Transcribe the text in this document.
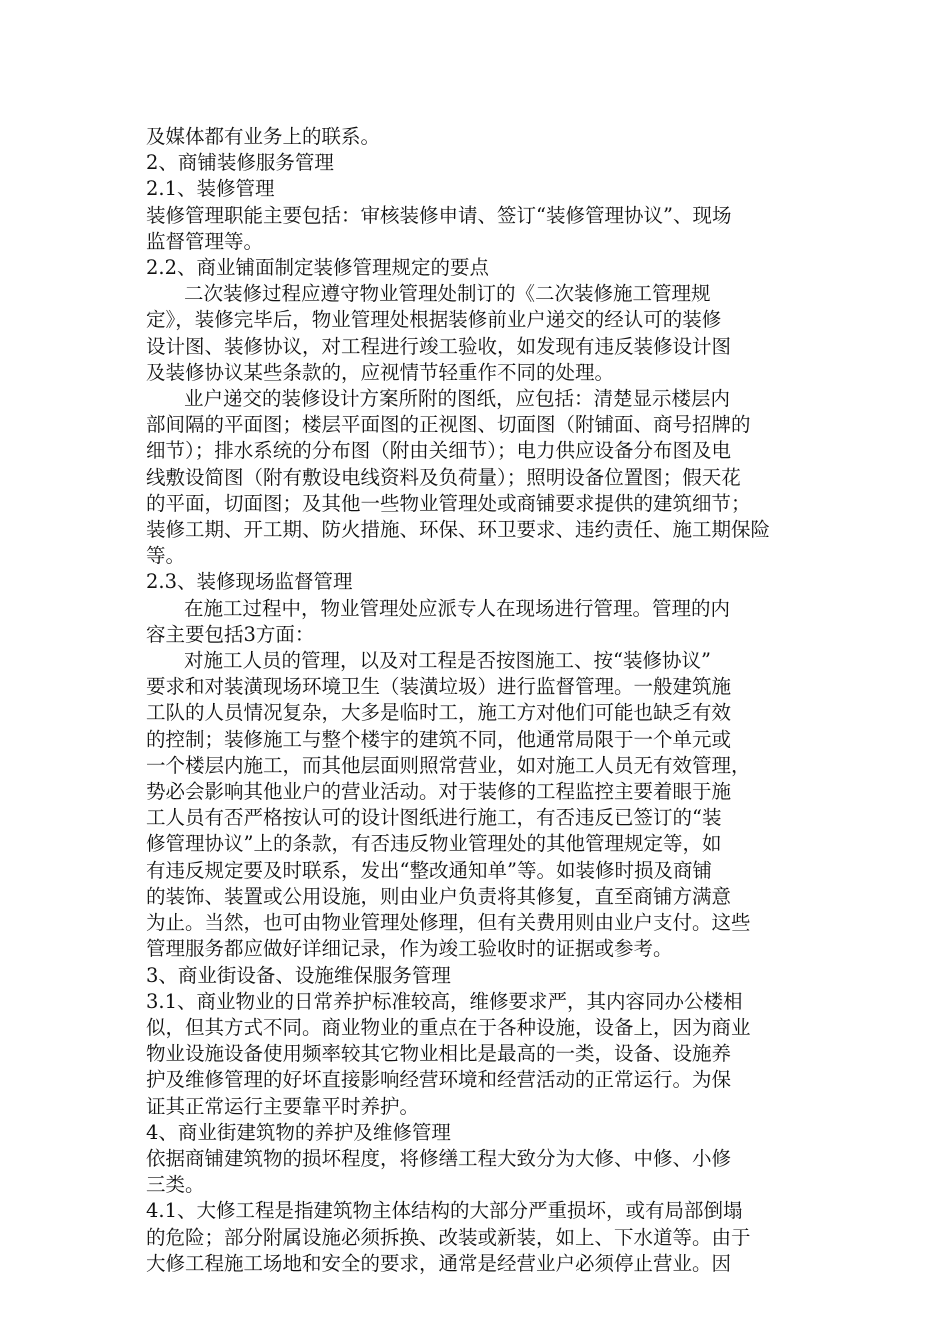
及媒体都有业务上的联系。
2、商铺装修服务管理
2.1、装修管理
装修管理职能主要包括：审核装修申请、签订“装修管理协议”、现场
监督管理等。
2.2、商业铺面制定装修管理规定的要点
二次装修过程应遵守物业管理处制订的《二次装修施工管理规
定》，装修完毕后，物业管理处根据装修前业户递交的经认可的装修
设计图、装修协议，对工程进行竣工验收，如发现有违反装修设计图
及装修协议某些条款的，应视情节轻重作不同的处理。
业户递交的装修设计方案所附的图纸，应包括：清楚显示楼层内
部间隔的平面图；楼层平面图的正视图、切面图（附铺面、商号招牌的
细节）；排水系统的分布图（附由关细节）；电力供应设备分布图及电
线敷设简图（附有敷设电线资料及负荷量）；照明设备位置图；假天花
的平面，切面图；及其他一些物业管理处或商铺要求提供的建筑细节；
装修工期、开工期、防火措施、环保、环卫要求、违约责任、施工期保险
等。
2.3、装修现场监督管理
在施工过程中，物业管理处应派专人在现场进行管理。管理的内
容主要包括3方面：
对施工人员的管理，以及对工程是否按图施工、按“装修协议”
要求和对装潢现场环境卫生（装潢垃圾）进行监督管理。一般建筑施
工队的人员情况复杂，大多是临时工，施工方对他们可能也缺乏有效
的控制；装修施工与整个楼宇的建筑不同，他通常局限于一个单元或
一个楼层内施工，而其他层面则照常营业，如对施工人员无有效管理，
势必会影响其他业户的营业活动。对于装修的工程监控主要着眼于施
工人员有否严格按认可的设计图纸进行施工，有否违反已签订的“装
修管理协议”上的条款，有否违反物业管理处的其他管理规定等，如
有违反规定要及时联系，发出“整改通知单”等。如装修时损及商铺
的装饰、装置或公用设施，则由业户负责将其修复，直至商铺方满意
为止。当然，也可由物业管理处修理，但有关费用则由业户支付。这些
管理服务都应做好详细记录，作为竣工验收时的证据或参考。
3、商业街设备、设施维保服务管理
3.1、商业物业的日常养护标准较高，维修要求严，其内容同办公楼相
似，但其方式不同。商业物业的重点在于各种设施，设备上，因为商业
物业设施设备使用频率较其它物业相比是最高的一类，设备、设施养
护及维修管理的好坏直接影响经营环境和经营活动的正常运行。为保
证其正常运行主要靠平时养护。
4、商业街建筑物的养护及维修管理
依据商铺建筑物的损坏程度，将修缮工程大致分为大修、中修、小修
三类。
4.1、大修工程是指建筑物主体结构的大部分严重损坏，或有局部倒塌
的危险；部分附属设施必须拆换、改装或新装，如上、下水道等。由于
大修工程施工场地和安全的要求，通常是经营业户必须停止营业。因
